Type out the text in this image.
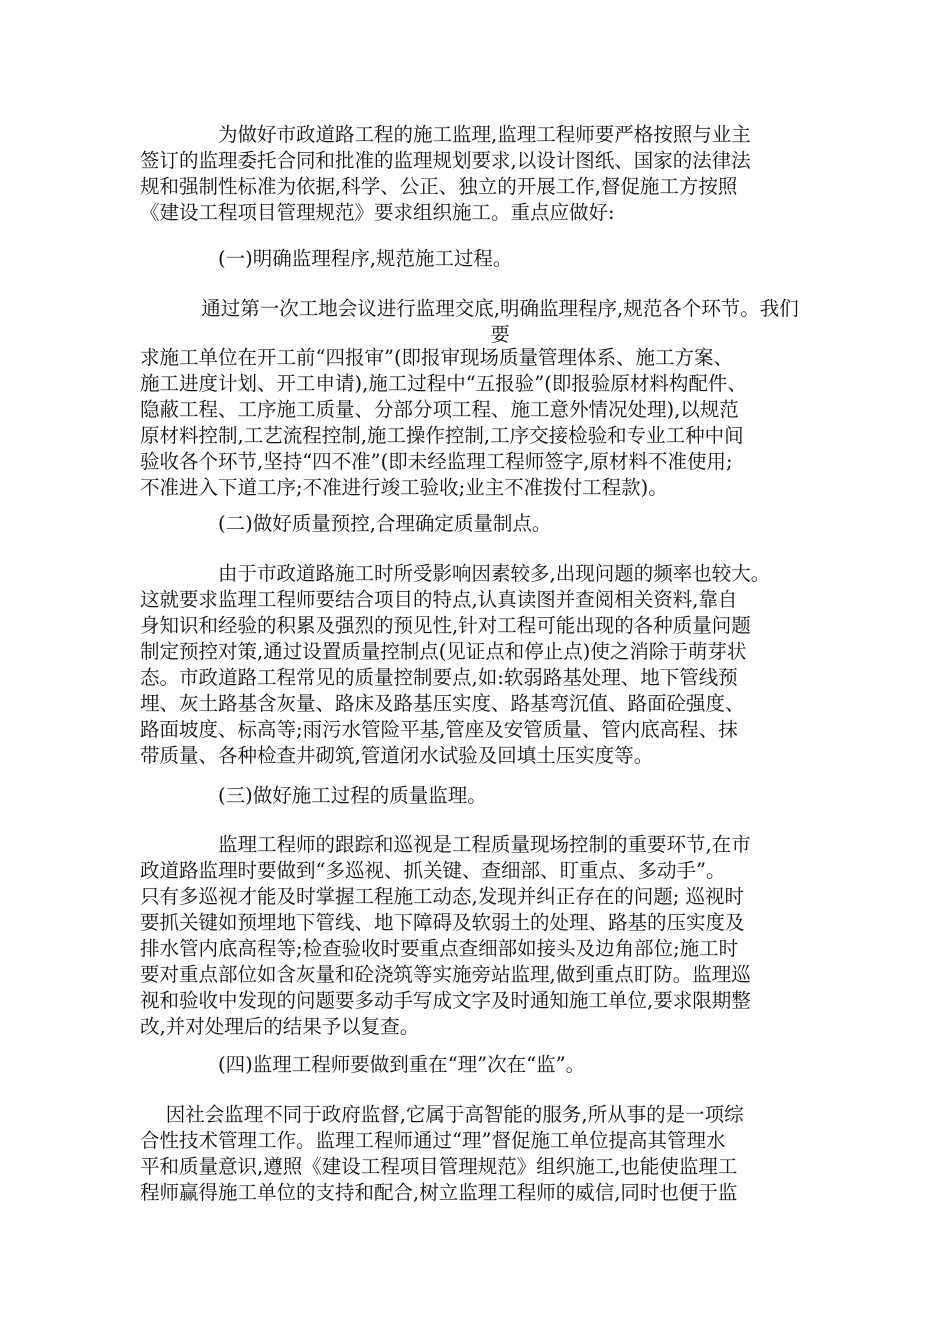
　　　　为做好市政道路工程的施工监理,监理工程师要严格按照与业主
签订的监理委托合同和批准的监理规划要求,以设计图纸、国家的法律法
规和强制性标准为依据,科学、公正、独立的开展工作,督促施工方按照
《建设工程项目管理规范》要求组织施工。重点应做好:

　　　　(一)明确监理程序,规范施工过程。

通过第一次工地会议进行监理交底,明确监理程序,规范各个环节。我们
要

求施工单位在开工前“四报审”(即报审现场质量管理体系、施工方案、
施工进度计划、开工申请),施工过程中“五报验”(即报验原材料构配件、
隐蔽工程、工序施工质量、分部分项工程、施工意外情况处理),以规范
原材料控制,工艺流程控制,施工操作控制,工序交接检验和专业工种中间
验收各个环节,坚持“四不准”(即未经监理工程师签字,原材料不准使用;
不准进入下道工序;不准进行竣工验收;业主不准拨付工程款)。

　　　　(二)做好质量预控,合理确定质量制点。

　　　　由于市政道路施工时所受影响因素较多,出现问题的频率也较大。
这就要求监理工程师要结合项目的特点,认真读图并查阅相关资料,靠自
身知识和经验的积累及强烈的预见性,针对工程可能出现的各种质量问题
制定预控对策,通过设置质量控制点(见证点和停止点)使之消除于萌芽状
态。市政道路工程常见的质量控制要点,如:软弱路基处理、地下管线预
埋、灰土路基含灰量、路床及路基压实度、路基弯沉值、路面砼强度、
路面坡度、标高等;雨污水管险平基,管座及安管质量、管内底高程、抹
带质量、各种检查井砌筑,管道闭水试验及回填土压实度等。

　　　　(三)做好施工过程的质量监理。

　　　　监理工程师的跟踪和巡视是工程质量现场控制的重要环节,在市
政道路监理时要做到“多巡视、抓关键、查细部、盯重点、多动手”。
只有多巡视才能及时掌握工程施工动态,发现并纠正存在的问题; 巡视时
要抓关键如预埋地下管线、地下障碍及软弱土的处理、路基的压实度及
排水管内底高程等;检查验收时要重点查细部如接头及边角部位;施工时
要对重点部位如含灰量和砼浇筑等实施旁站监理,做到重点盯防。监理巡
视和验收中发现的问题要多动手写成文字及时通知施工单位,要求限期整
改,并对处理后的结果予以复查。

　　　　(四)监理工程师要做到重在“理”次在“监”。

　 因社会监理不同于政府监督,它属于高智能的服务,所从事的是一项综
合性技术管理工作。监理工程师通过“理”督促施工单位提高其管理水
平和质量意识,遵照《建设工程项目管理规范》组织施工,也能使监理工
程师赢得施工单位的支持和配合,树立监理工程师的威信,同时也便于监
